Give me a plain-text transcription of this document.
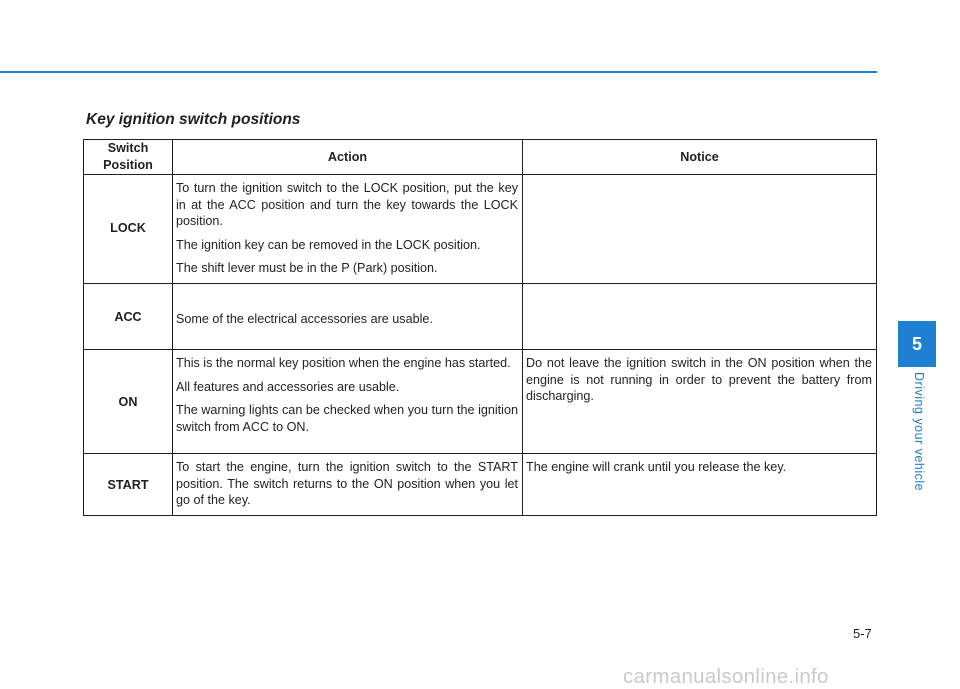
Key ignition switch positions
Switch Position	Action	Notice

LOCK	To turn the ignition switch to the LOCK position, put the key in at the ACC position and turn the key towards the LOCK position.

The ignition key can be removed in the LOCK position.

The shift lever must be in the P (Park) position.	

ACC	Some of the electrical accessories are usable.	

ON	This is the normal key position when the engine has started.

All features and accessories are usable.

The warning lights can be checked when you turn the ignition switch from ACC to ON.	Do not leave the ignition switch in the ON position when the engine is not running in order to prevent the battery from discharging.

START	To start the engine, turn the ignition switch to the START position. The switch returns to the ON position when you let go of the key.	The engine will crank until you release the key.

5
Driving your vehicle
5-7
carmanualsonline.info
